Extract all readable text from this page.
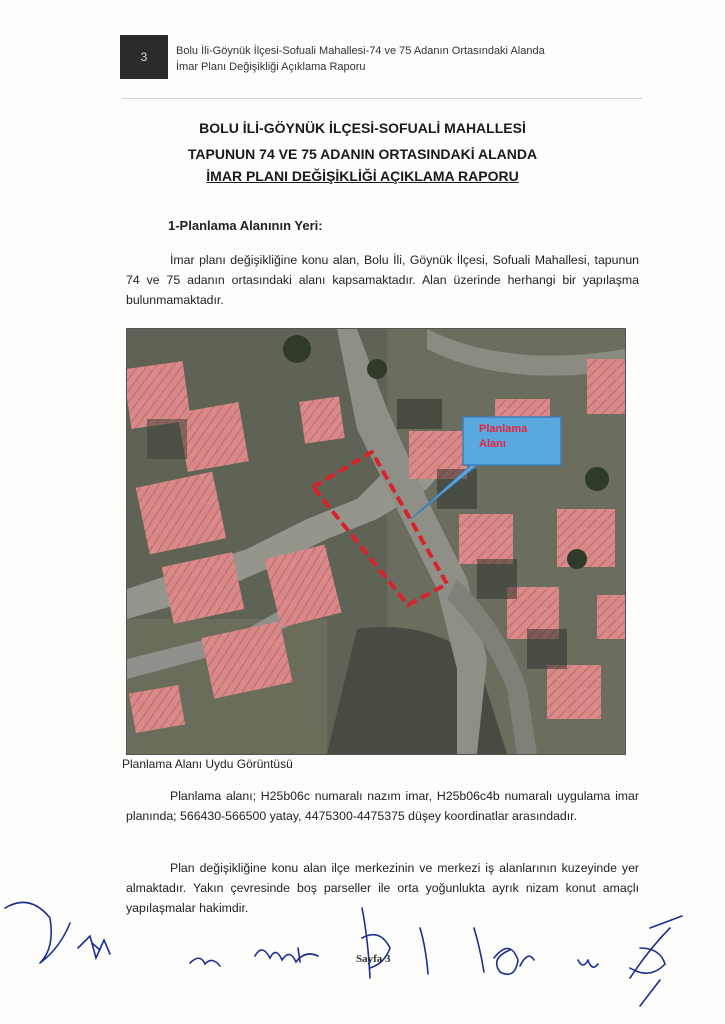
3	Bolu İli-Göynük İlçesi-Sofuali Mahallesi-74 ve 75 Adanın Ortasındaki Alanda
İmar Planı Değişikliği Açıklama Raporu
BOLU İLİ-GÖYNÜK İLÇESİ-SOFUALİ MAHALLESİ
TAPUNUN 74 VE 75 ADANIN ORTASINDAKİ ALANDA
İMAR PLANI DEĞİŞİKLİĞİ AÇIKLAMA RAPORU
1-Planlama Alanının Yeri:
İmar planı değişikliğine konu alan, Bolu İli, Göynük İlçesi, Sofuali Mahallesi, tapunun 74 ve 75 adanın ortasındaki alanı kapsamaktadır. Alan üzerinde herhangi bir yapılaşma bulunmamaktadır.
Planlama
Alanı
Planlama Alanı Uydu Görüntüsü
Planlama alanı; H25b06c numaralı nazım imar, H25b06c4b numaralı uygulama imar planında; 566430-566500 yatay, 4475300-4475375 düşey koordinatlar arasındadır.
Plan değişikliğine konu alan ilçe merkezinin ve merkezi iş alanlarının kuzeyinde yer almaktadır. Yakın çevresinde boş parseller ile orta yoğunlukta ayrık nizam konut amaçlı yapılaşmalar hakimdir.
Sayfa 3
